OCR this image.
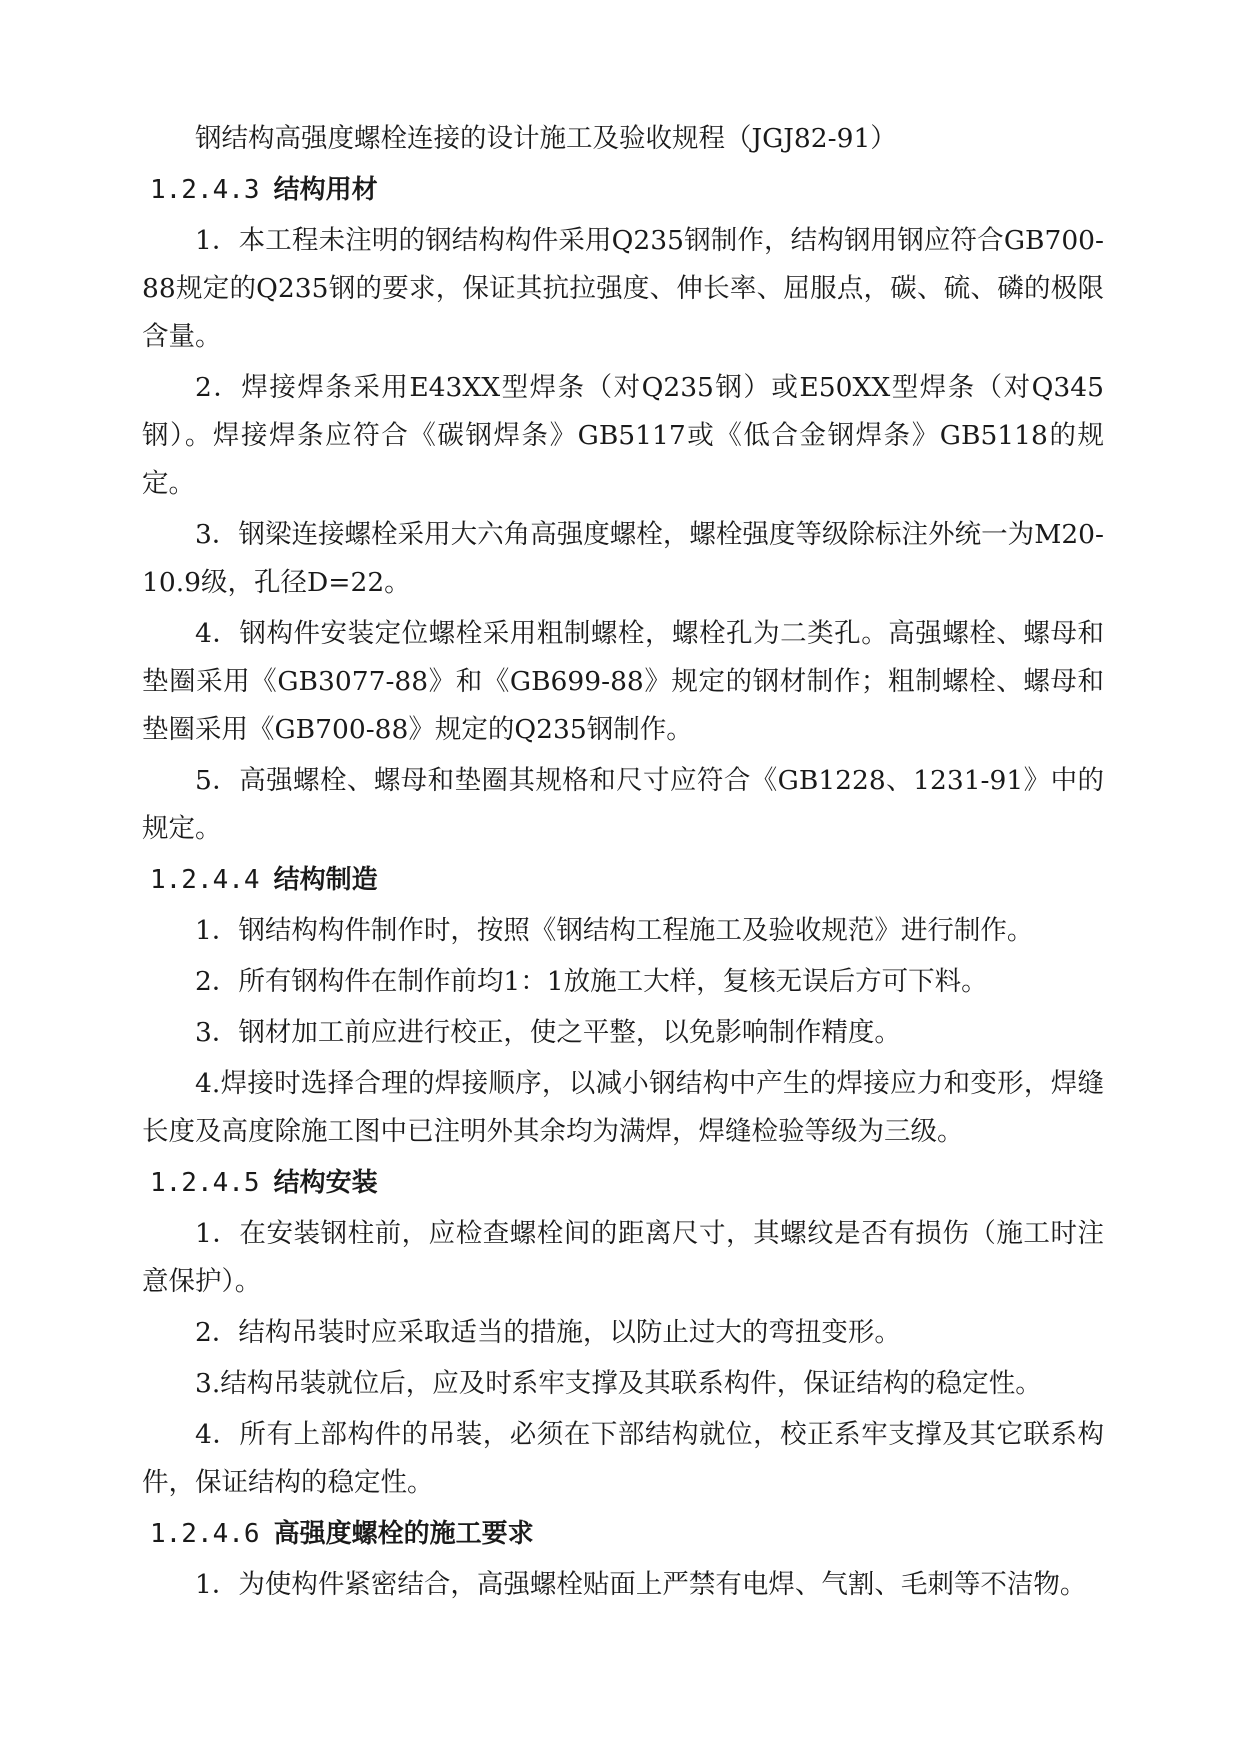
钢结构高强度螺栓连接的设计施工及验收规程（JGJ82-91）

1.2.4.3 结构用材

1．本工程未注明的钢结构构件采用Q235钢制作，结构钢用钢应符合GB700-88规定的Q235钢的要求，保证其抗拉强度、伸长率、屈服点，碳、硫、磷的极限含量。

2．焊接焊条采用E43XX型焊条（对Q235钢）或E50XX型焊条（对Q345钢）。焊接焊条应符合《碳钢焊条》GB5117或《低合金钢焊条》GB5118的规定。

3．钢梁连接螺栓采用大六角高强度螺栓，螺栓强度等级除标注外统一为M20-10.9级，孔径D=22。

4．钢构件安装定位螺栓采用粗制螺栓，螺栓孔为二类孔。高强螺栓、螺母和垫圈采用《GB3077-88》和《GB699-88》规定的钢材制作；粗制螺栓、螺母和垫圈采用《GB700-88》规定的Q235钢制作。

5．高强螺栓、螺母和垫圈其规格和尺寸应符合《GB1228、1231-91》中的规定。

1.2.4.4 结构制造

1．钢结构构件制作时，按照《钢结构工程施工及验收规范》进行制作。

2．所有钢构件在制作前均1：1放施工大样，复核无误后方可下料。

3．钢材加工前应进行校正，使之平整，以免影响制作精度。

4.焊接时选择合理的焊接顺序，以减小钢结构中产生的焊接应力和变形，焊缝长度及高度除施工图中已注明外其余均为满焊，焊缝检验等级为三级。

1.2.4.5 结构安装

1．在安装钢柱前，应检查螺栓间的距离尺寸，其螺纹是否有损伤（施工时注意保护）。

2．结构吊装时应采取适当的措施，以防止过大的弯扭变形。

3.结构吊装就位后，应及时系牢支撑及其联系构件，保证结构的稳定性。

4．所有上部构件的吊装，必须在下部结构就位，校正系牢支撑及其它联系构件，保证结构的稳定性。

1.2.4.6 高强度螺栓的施工要求

1．为使构件紧密结合，高强螺栓贴面上严禁有电焊、气割、毛刺等不洁物。
